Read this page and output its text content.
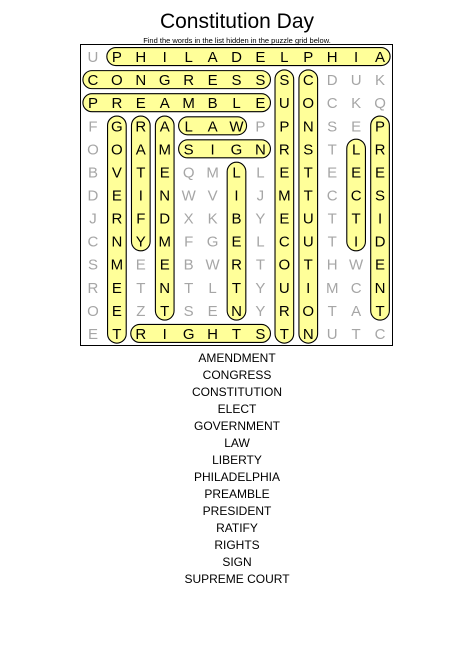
Constitution Day
Find the words in the list hidden in the puzzle grid below.
U P H I L A D E L P H I A
C O N G R E S S S C D U K
P R E A M B L E U O C K Q
F G R A L A W P P N S E P
O O A M S I G N R S T L R
B V T E Q M L L E T E E E
D E I N W V I J M T C C S
J R F D X K B Y E U T T I
C N Y M F G E L C U T I D
S M E E B W R T O T H W E
R E T N T L T Y U I M C N
O E Z T S E N Y R O T A T
E T R I G H T S T N U T C
AMENDMENT
CONGRESS
CONSTITUTION
ELECT
GOVERNMENT
LAW
LIBERTY
PHILADELPHIA
PREAMBLE
PRESIDENT
RATIFY
RIGHTS
SIGN
SUPREME COURT
